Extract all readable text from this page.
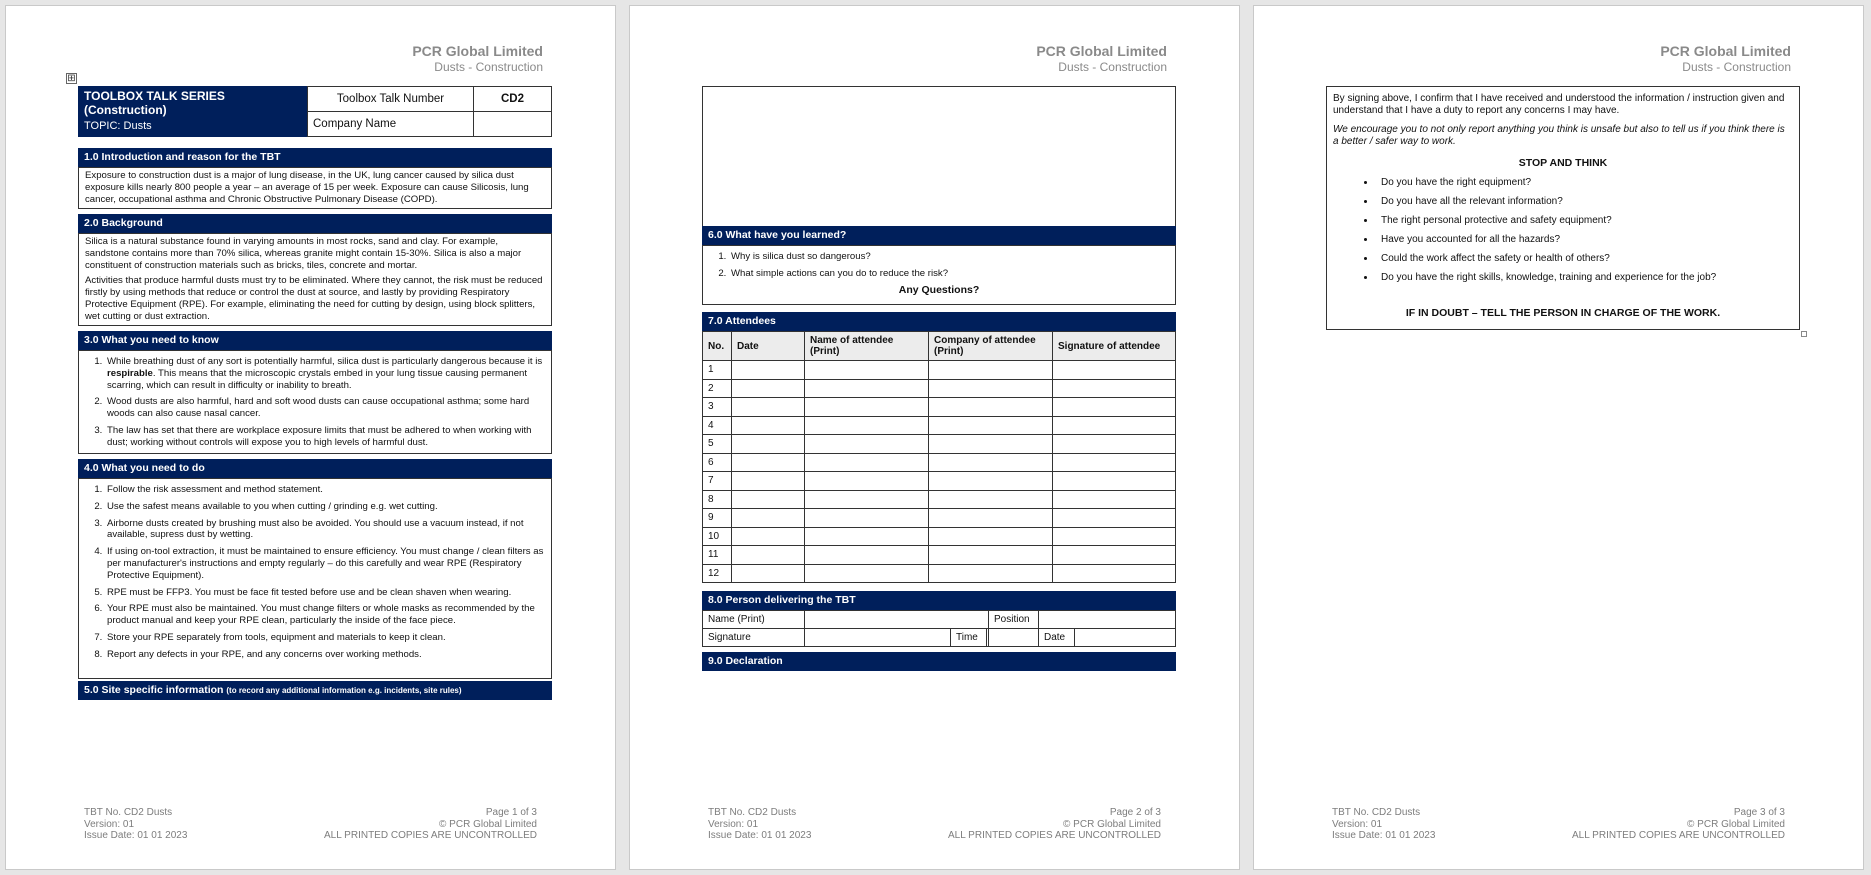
PCR Global Limited
Dusts - Construction
⊞
TOOLBOX TALK SERIES (Construction)
TOPIC: Dusts
Toolbox Talk Number	CD2
Company Name	
1.0 Introduction and reason for the TBT

Exposure to construction dust is a major of lung disease, in the UK, lung cancer caused by silica dust exposure kills nearly 800 people a year – an average of 15 per week. Exposure can cause Silicosis, lung cancer, occupational asthma and Chronic Obstructive Pulmonary Disease (COPD).

2.0 Background

Silica is a natural substance found in varying amounts in most rocks, sand and clay. For example, sandstone contains more than 70% silica, whereas granite might contain 15-30%. Silica is also a major constituent of construction materials such as bricks, tiles, concrete and mortar.

Activities that produce harmful dusts must try to be eliminated. Where they cannot, the risk must be reduced firstly by using methods that reduce or control the dust at source, and lastly by providing Respiratory Protective Equipment (RPE). For example, eliminating the need for cutting by design, using block splitters, wet cutting or dust extraction.

3.0 What you need to know
1. While breathing dust of any sort is potentially harmful, silica dust is particularly dangerous because it is respirable. This means that the microscopic crystals embed in your lung tissue causing permanent scarring, which can result in difficulty or inability to breath.
2. Wood dusts are also harmful, hard and soft wood dusts can cause occupational asthma; some hard woods can also cause nasal cancer.
3. The law has set that there are workplace exposure limits that must be adhered to when working with dust; working without controls will expose you to high levels of harmful dust.
4.0 What you need to do
1. Follow the risk assessment and method statement.
2. Use the safest means available to you when cutting / grinding e.g. wet cutting.
3. Airborne dusts created by brushing must also be avoided. You should use a vacuum instead, if not available, supress dust by wetting.
4. If using on-tool extraction, it must be maintained to ensure efficiency. You must change / clean filters as per manufacturer's instructions and empty regularly – do this carefully and wear RPE (Respiratory Protective Equipment).
5. RPE must be FFP3. You must be face fit tested before use and be clean shaven when wearing.
6. Your RPE must also be maintained. You must change filters or whole masks as recommended by the product manual and keep your RPE clean, particularly the inside of the face piece.
7. Store your RPE separately from tools, equipment and materials to keep it clean.
8. Report any defects in your RPE, and any concerns over working methods.
5.0 Site specific information (to record any additional information e.g. incidents, site rules)
TBT No. CD2 Dusts
Version: 01
Issue Date: 01 01 2023
Page 1 of 3
© PCR Global Limited
ALL PRINTED COPIES ARE UNCONTROLLED
PCR Global Limited
Dusts - Construction
6.0 What have you learned?
1. Why is silica dust so dangerous?
2. What simple actions can you do to reduce the risk?
Any Questions?
7.0 Attendees
No.	Date	Name of attendee (Print)	Company of attendee (Print)	Signature of attendee
1				
2				
3				
4				
5				
6				
7				
8				
9				
10				
11				
12				
8.0 Person delivering the TBT
Name (Print)				Position		
Signature		Time			Date	
9.0 Declaration
TBT No. CD2 Dusts
Version: 01
Issue Date: 01 01 2023
Page 2 of 3
© PCR Global Limited
ALL PRINTED COPIES ARE UNCONTROLLED
PCR Global Limited
Dusts - Construction

By signing above, I confirm that I have received and understood the information / instruction given and understand that I have a duty to report any concerns I may have.

We encourage you to not only report anything you think is unsafe but also to tell us if you think there is a better / safer way to work.

STOP AND THINK
• Do you have the right equipment?
• Do you have all the relevant information?
• The right personal protective and safety equipment?
• Have you accounted for all the hazards?
• Could the work affect the safety or health of others?
• Do you have the right skills, knowledge, training and experience for the job?
IF IN DOUBT – TELL THE PERSON IN CHARGE OF THE WORK.
TBT No. CD2 Dusts
Version: 01
Issue Date: 01 01 2023
Page 3 of 3
© PCR Global Limited
ALL PRINTED COPIES ARE UNCONTROLLED
